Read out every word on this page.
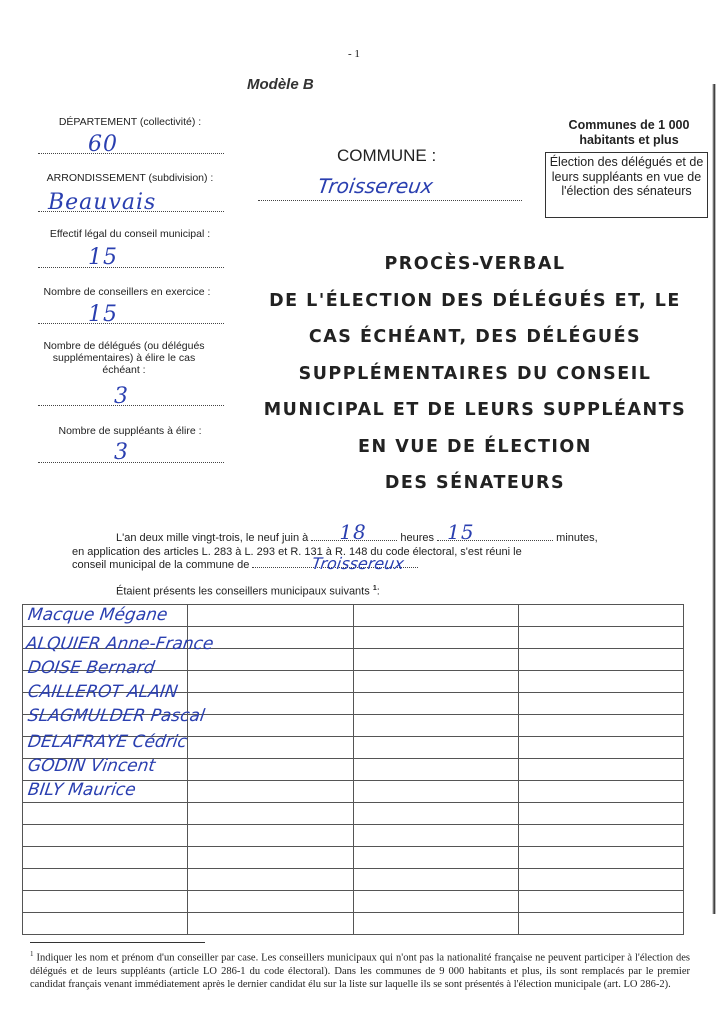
- 1
Modèle B
DÉPARTEMENT (collectivité) :
60
ARRONDISSEMENT (subdivision) :
Beauvais
Effectif légal du conseil municipal :
15
Nombre de conseillers en exercice :
15
Nombre de délégués (ou délégués supplémentaires) à élire le cas échéant :
3
Nombre de suppléants à élire :
3
COMMUNE :
Troissereux
Communes de 1 000 habitants et plus
Élection des délégués et de leurs suppléants en vue de l'élection des sénateurs
PROCÈS-VERBAL
DE L'ÉLECTION DES DÉLÉGUÉS ET, LE
CAS ÉCHÉANT, DES DÉLÉGUÉS
SUPPLÉMENTAIRES DU CONSEIL
MUNICIPAL ET DE LEURS SUPPLÉANTS
EN VUE DE ÉLECTION
DES SÉNATEURS
L'an deux mille vingt-trois, le neuf juin à 18	heures 15	minutes,
en application des articles L. 283 à L. 293 et R. 131 à R. 148 du code électoral, s'est réuni le
conseil municipal de la commune de	Troissereux
Étaient présents les conseillers municipaux suivants $^1$:

Macque Mégane
ALQUIER Anne-France
DOISE Bernard
CAILLEROT ALAIN
SLAGMULDER Pascal
DELAFRAYE Cédric
GODIN Vincent
BILY Maurice
$^1$ Indiquer les nom et prénom d'un conseiller par case. Les conseillers municipaux qui n'ont pas la nationalité française ne peuvent participer à l'élection des délégués et de leurs suppléants (article LO 286-1 du code électoral). Dans les communes de 9 000 habitants et plus, ils sont remplacés par le premier candidat français venant immédiatement après le dernier candidat élu sur la liste sur laquelle ils se sont présentés à l'élection municipale (art. LO 286-2).
